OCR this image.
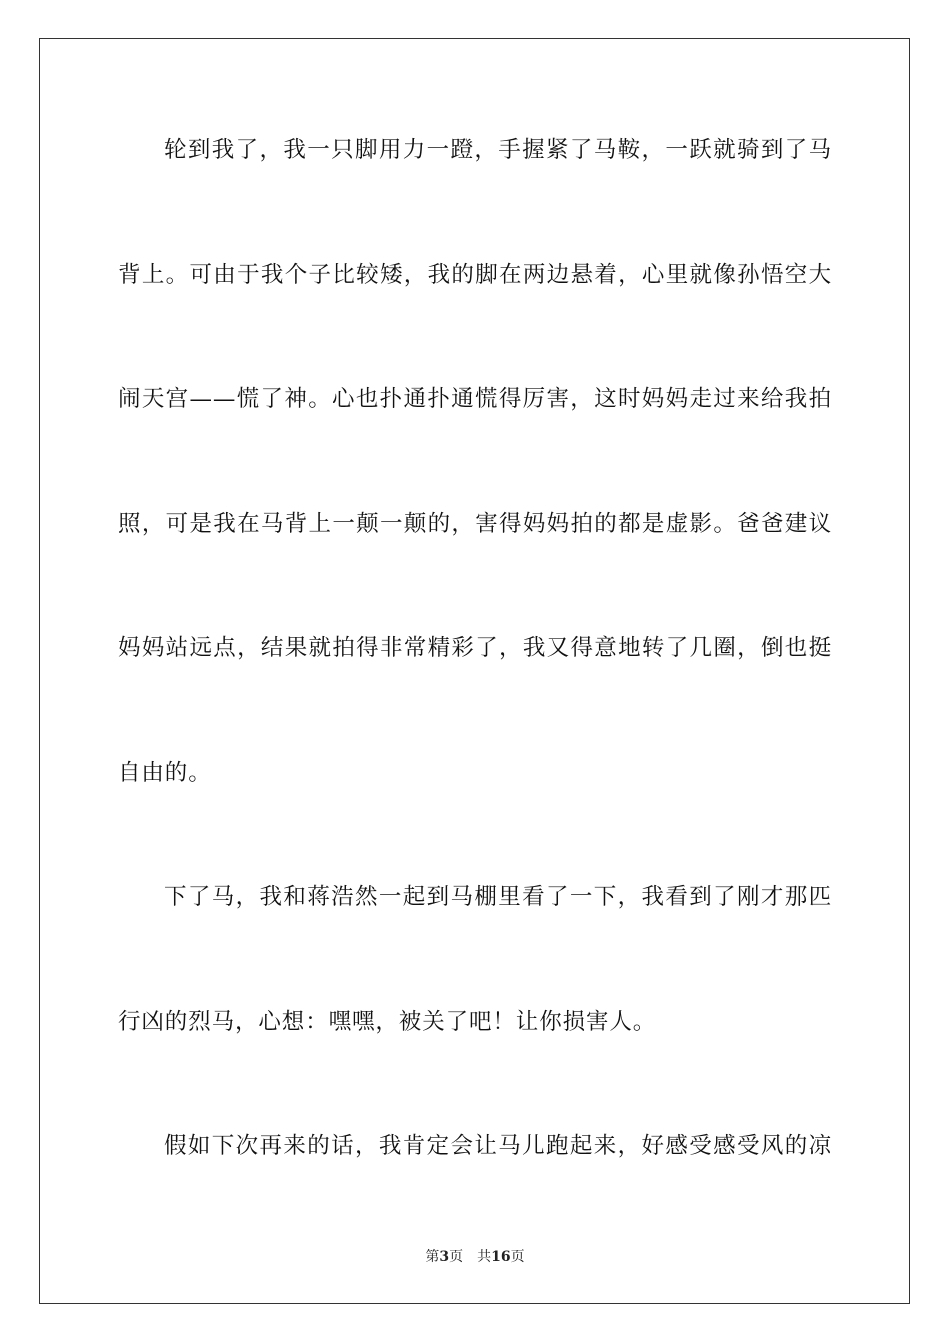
轮到我了，我一只脚用力一蹬，手握紧了马鞍，一跃就骑到了马
背上。可由于我个子比较矮，我的脚在两边悬着，心里就像孙悟空大
闹天宫——慌了神。心也扑通扑通慌得厉害，这时妈妈走过来给我拍
照，可是我在马背上一颠一颠的，害得妈妈拍的都是虚影。爸爸建议
妈妈站远点，结果就拍得非常精彩了，我又得意地转了几圈，倒也挺
自由的。
下了马，我和蒋浩然一起到马棚里看了一下，我看到了刚才那匹
行凶的烈马，心想：嘿嘿，被关了吧！让你损害人。
假如下次再来的话，我肯定会让马儿跑起来，好感受感受风的凉
第3页 共16页
